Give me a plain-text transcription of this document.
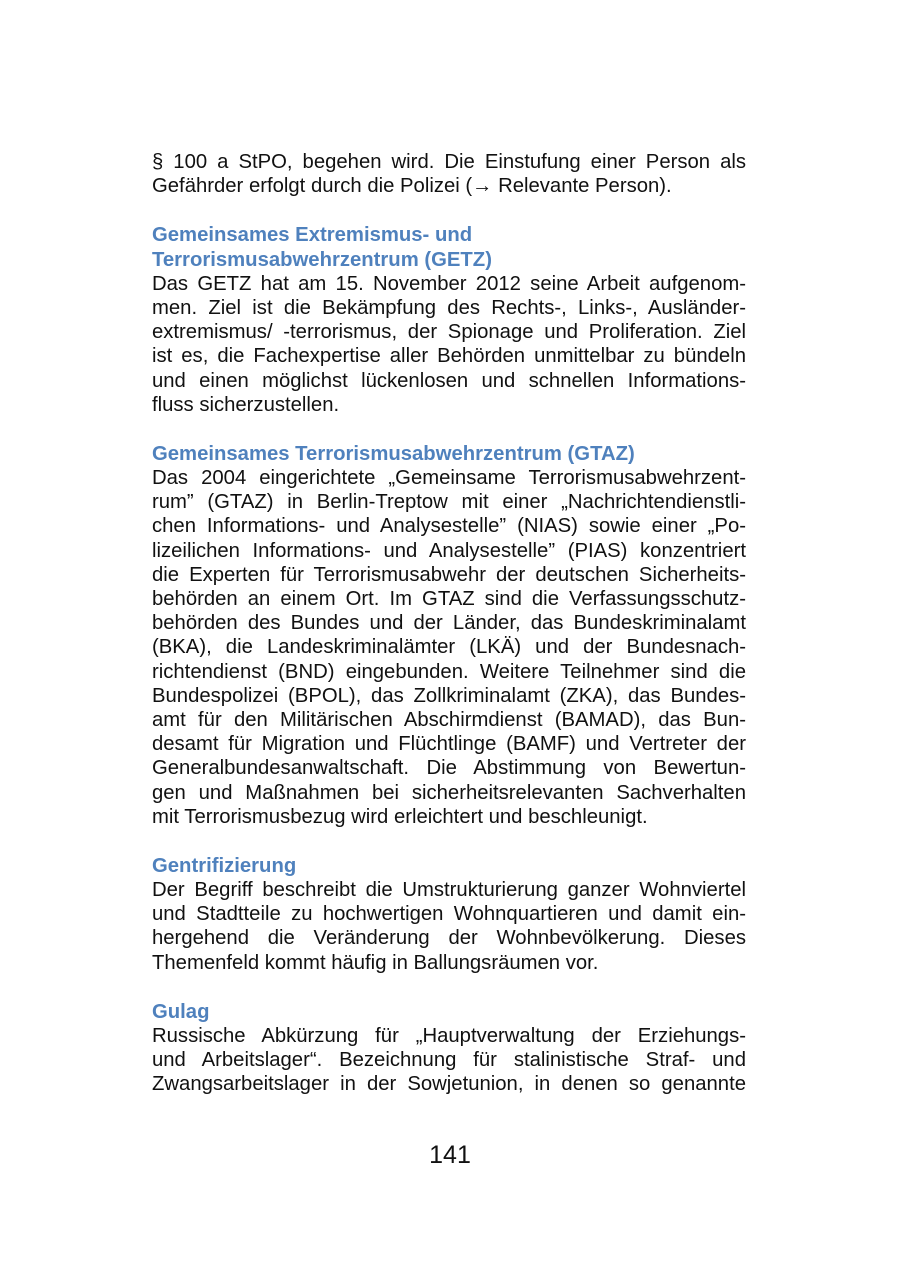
§ 100 a StPO, begehen wird. Die Einstufung einer Person als
Gefährder erfolgt durch die Polizei (→ Relevante Person).
Gemeinsames Extremismus- und
Terrorismusabwehrzentrum (GETZ)
Das GETZ hat am 15. November 2012 seine Arbeit aufgenom-
men. Ziel ist die Bekämpfung des Rechts-, Links-, Ausländer-
extremismus/ -terrorismus, der Spionage und Proliferation. Ziel
ist es, die Fachexpertise aller Behörden unmittelbar zu bündeln
und einen möglichst lückenlosen und schnellen Informations-
fluss sicherzustellen.
Gemeinsames Terrorismusabwehrzentrum (GTAZ)
Das 2004 eingerichtete „Gemeinsame Terrorismusabwehrzent-
rum” (GTAZ) in Berlin-Treptow mit einer „Nachrichtendienstli-
chen Informations- und Analysestelle” (NIAS) sowie einer „Po-
lizeilichen Informations- und Analysestelle” (PIAS) konzentriert
die Experten für Terrorismusabwehr der deutschen Sicherheits-
behörden an einem Ort. Im GTAZ sind die Verfassungsschutz-
behörden des Bundes und der Länder, das Bundeskriminalamt
(BKA), die Landeskriminalämter (LKÄ) und der Bundesnach-
richtendienst (BND) eingebunden. Weitere Teilnehmer sind die
Bundespolizei (BPOL), das Zollkriminalamt (ZKA), das Bundes-
amt für den Militärischen Abschirmdienst (BAMAD), das Bun-
desamt für Migration und Flüchtlinge (BAMF) und Vertreter der
Generalbundesanwaltschaft. Die Abstimmung von Bewertun-
gen und Maßnahmen bei sicherheitsrelevanten Sachverhalten
mit Terrorismusbezug wird erleichtert und beschleunigt.
Gentrifizierung
Der Begriff beschreibt die Umstrukturierung ganzer Wohnviertel
und Stadtteile zu hochwertigen Wohnquartieren und damit ein-
hergehend die Veränderung der Wohnbevölkerung. Dieses
Themenfeld kommt häufig in Ballungsräumen vor.
Gulag
Russische Abkürzung für „Hauptverwaltung der Erziehungs-
und Arbeitslager“. Bezeichnung für stalinistische Straf- und
Zwangsarbeitslager in der Sowjetunion, in denen so genannte
141
